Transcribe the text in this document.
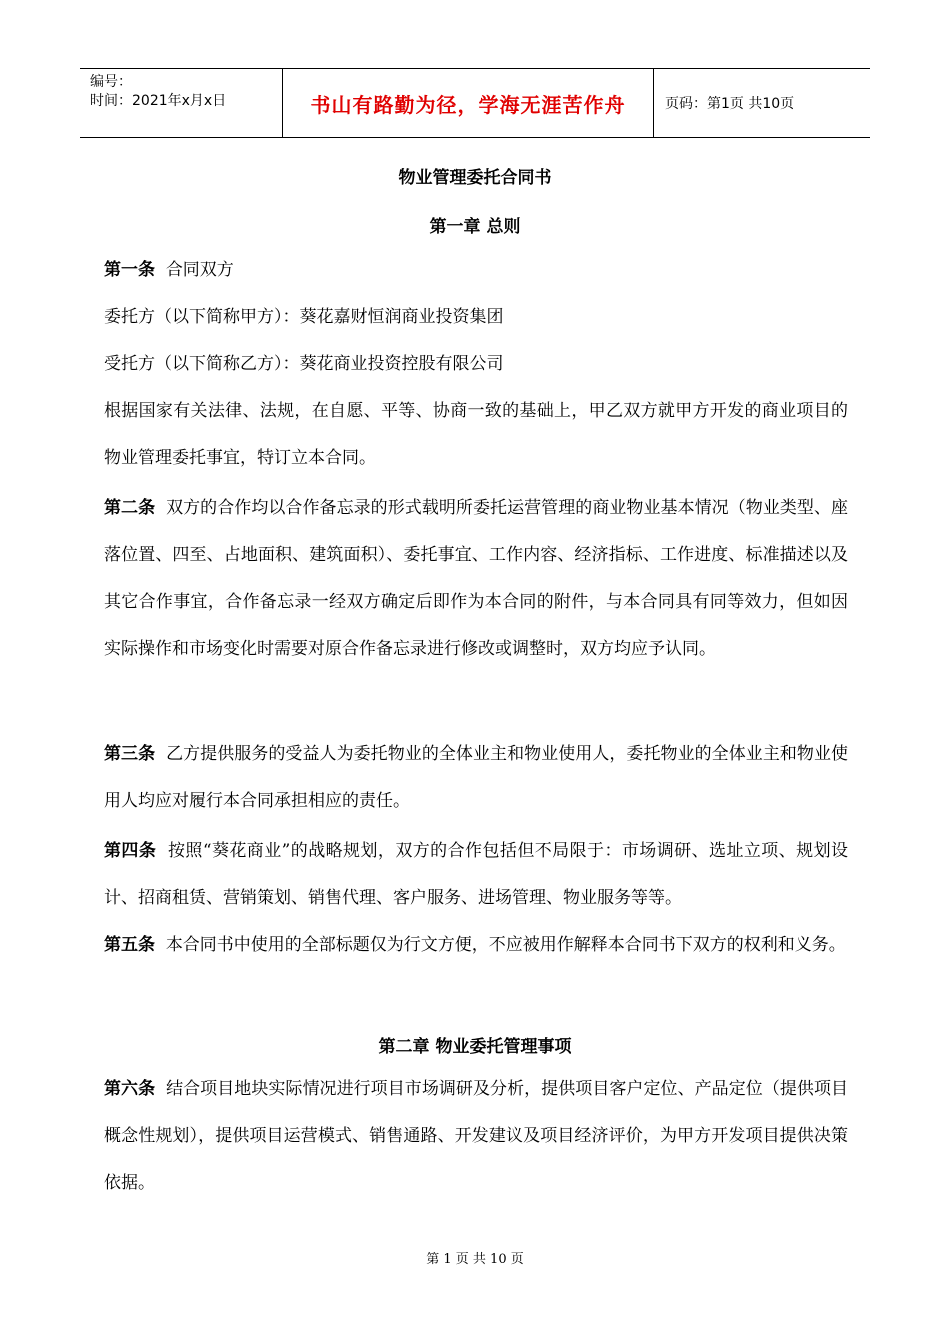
编号：
时间：2021年x月x日	书山有路勤为径，学海无涯苦作舟	页码：第1页 共10页
物业管理委托合同书
第一章 总则
第一条 合同双方
委托方（以下简称甲方）：葵花嘉财恒润商业投资集团
受托方（以下简称乙方）：葵花商业投资控股有限公司
根据国家有关法律、法规，在自愿、平等、协商一致的基础上，甲乙双方就甲方开发的商业项目的物业管理委托事宜，特订立本合同。
第二条 双方的合作均以合作备忘录的形式载明所委托运营管理的商业物业基本情况（物业类型、座落位置、四至、占地面积、建筑面积）、委托事宜、工作内容、经济指标、工作进度、标准描述以及其它合作事宜，合作备忘录一经双方确定后即作为本合同的附件，与本合同具有同等效力，但如因实际操作和市场变化时需要对原合作备忘录进行修改或调整时，双方均应予认同。
第三条 乙方提供服务的受益人为委托物业的全体业主和物业使用人，委托物业的全体业主和物业使用人均应对履行本合同承担相应的责任。
第四条 按照“葵花商业”的战略规划，双方的合作包括但不局限于：市场调研、选址立项、规划设计、招商租赁、营销策划、销售代理、客户服务、进场管理、物业服务等等。
第五条 本合同书中使用的全部标题仅为行文方便，不应被用作解释本合同书下双方的权利和义务。
第二章 物业委托管理事项
第六条 结合项目地块实际情况进行项目市场调研及分析，提供项目客户定位、产品定位（提供项目概念性规划），提供项目运营模式、销售通路、开发建议及项目经济评价，为甲方开发项目提供决策依据。
第 1 页 共 10 页
